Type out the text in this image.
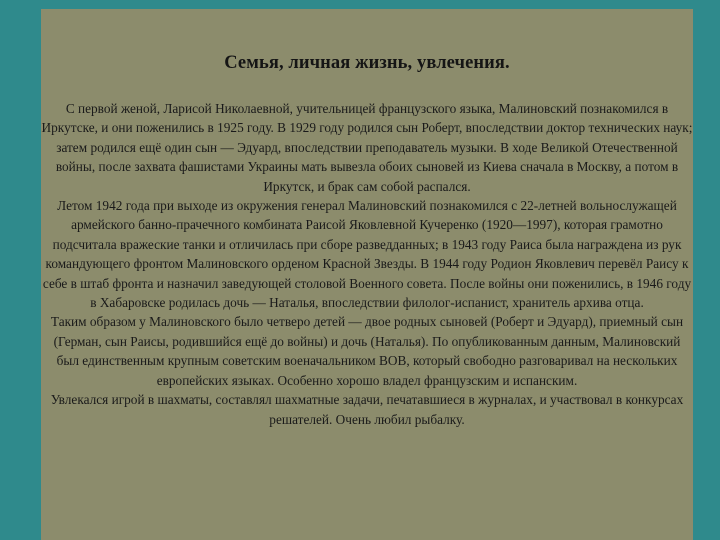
Семья, личная жизнь, увлечения.

С первой женой, Ларисой Николаевной, учительницей французского языка, Малиновский познакомился в Иркутске, и они поженились в 1925 году. В 1929 году родился сын Роберт, впоследствии доктор технических наук; затем родился ещё один сын — Эдуард, впоследствии преподаватель музыки. В ходе Великой Отечественной войны, после захвата фашистами Украины мать вывезла обоих сыновей из Киева сначала в Москву, а потом в Иркутск, и брак сам собой распался.

Летом 1942 года при выходе из окружения генерал Малиновский познакомился с 22-летней вольнослужащей армейского банно-прачечного комбината Раисой Яковлевной Кучеренко (1920—1997), которая грамотно подсчитала вражеские танки и отличилась при сборе разведданных; в 1943 году Раиса была награждена из рук командующего фронтом Малиновского орденом Красной Звезды. В 1944 году Родион Яковлевич перевёл Раису к себе в штаб фронта и назначил заведующей столовой Военного совета. После войны они поженились, в 1946 году в Хабаровске родилась дочь — Наталья, впоследствии филолог-испанист, хранитель архива отца.

Таким образом у Малиновского было четверо детей — двое родных сыновей (Роберт и Эдуард), приемный сын (Герман, сын Раисы, родившийся ещё до войны) и дочь (Наталья). По опубликованным данным, Малиновский был единственным крупным советским военачальником ВОВ, который свободно разговаривал на нескольких европейских языках. Особенно хорошо владел французским и испанским.

Увлекался игрой в шахматы, составлял шахматные задачи, печатавшиеся в журналах, и участвовал в конкурсах решателей. Очень любил рыбалку.
